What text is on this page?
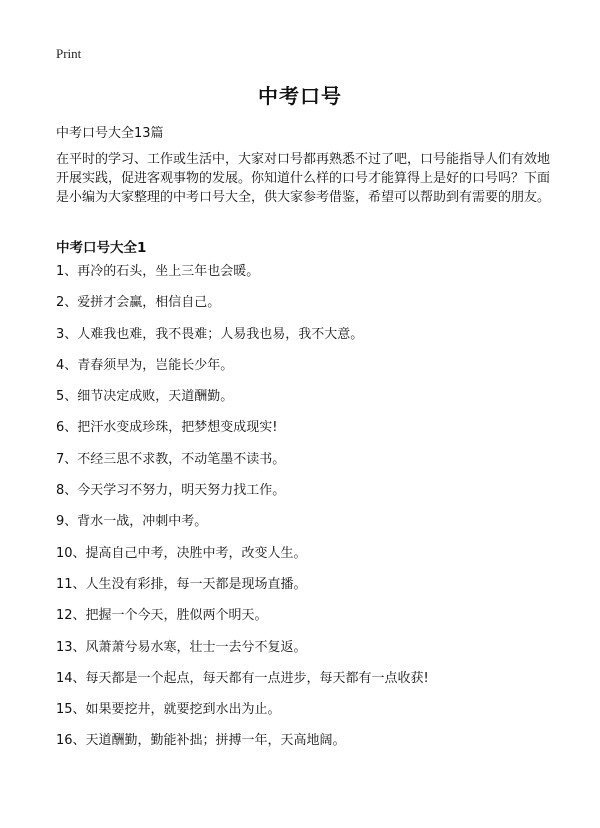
Print
中考口号
中考口号大全13篇

在平时的学习、工作或生活中，大家对口号都再熟悉不过了吧，口号能指导人们有效地开展实践，促进客观事物的发展。你知道什么样的口号才能算得上是好的口号吗？下面是小编为大家整理的中考口号大全，供大家参考借鉴，希望可以帮助到有需要的朋友。

中考口号大全1
1、再冷的石头，坐上三年也会暖。
2、爱拼才会赢，相信自己。
3、人难我也难，我不畏难；人易我也易，我不大意。
4、青春须早为，岂能长少年。
5、细节决定成败，天道酬勤。
6、把汗水变成珍珠，把梦想变成现实!
7、不经三思不求教，不动笔墨不读书。
8、今天学习不努力，明天努力找工作。
9、背水一战，冲刺中考。
10、提高自己中考，决胜中考，改变人生。
11、人生没有彩排，每一天都是现场直播。
12、把握一个今天，胜似两个明天。
13、风萧萧兮易水寒，壮士一去兮不复返。
14、每天都是一个起点，每天都有一点进步，每天都有一点收获!
15、如果要挖井，就要挖到水出为止。
16、天道酬勤，勤能补拙；拼搏一年，天高地阔。
